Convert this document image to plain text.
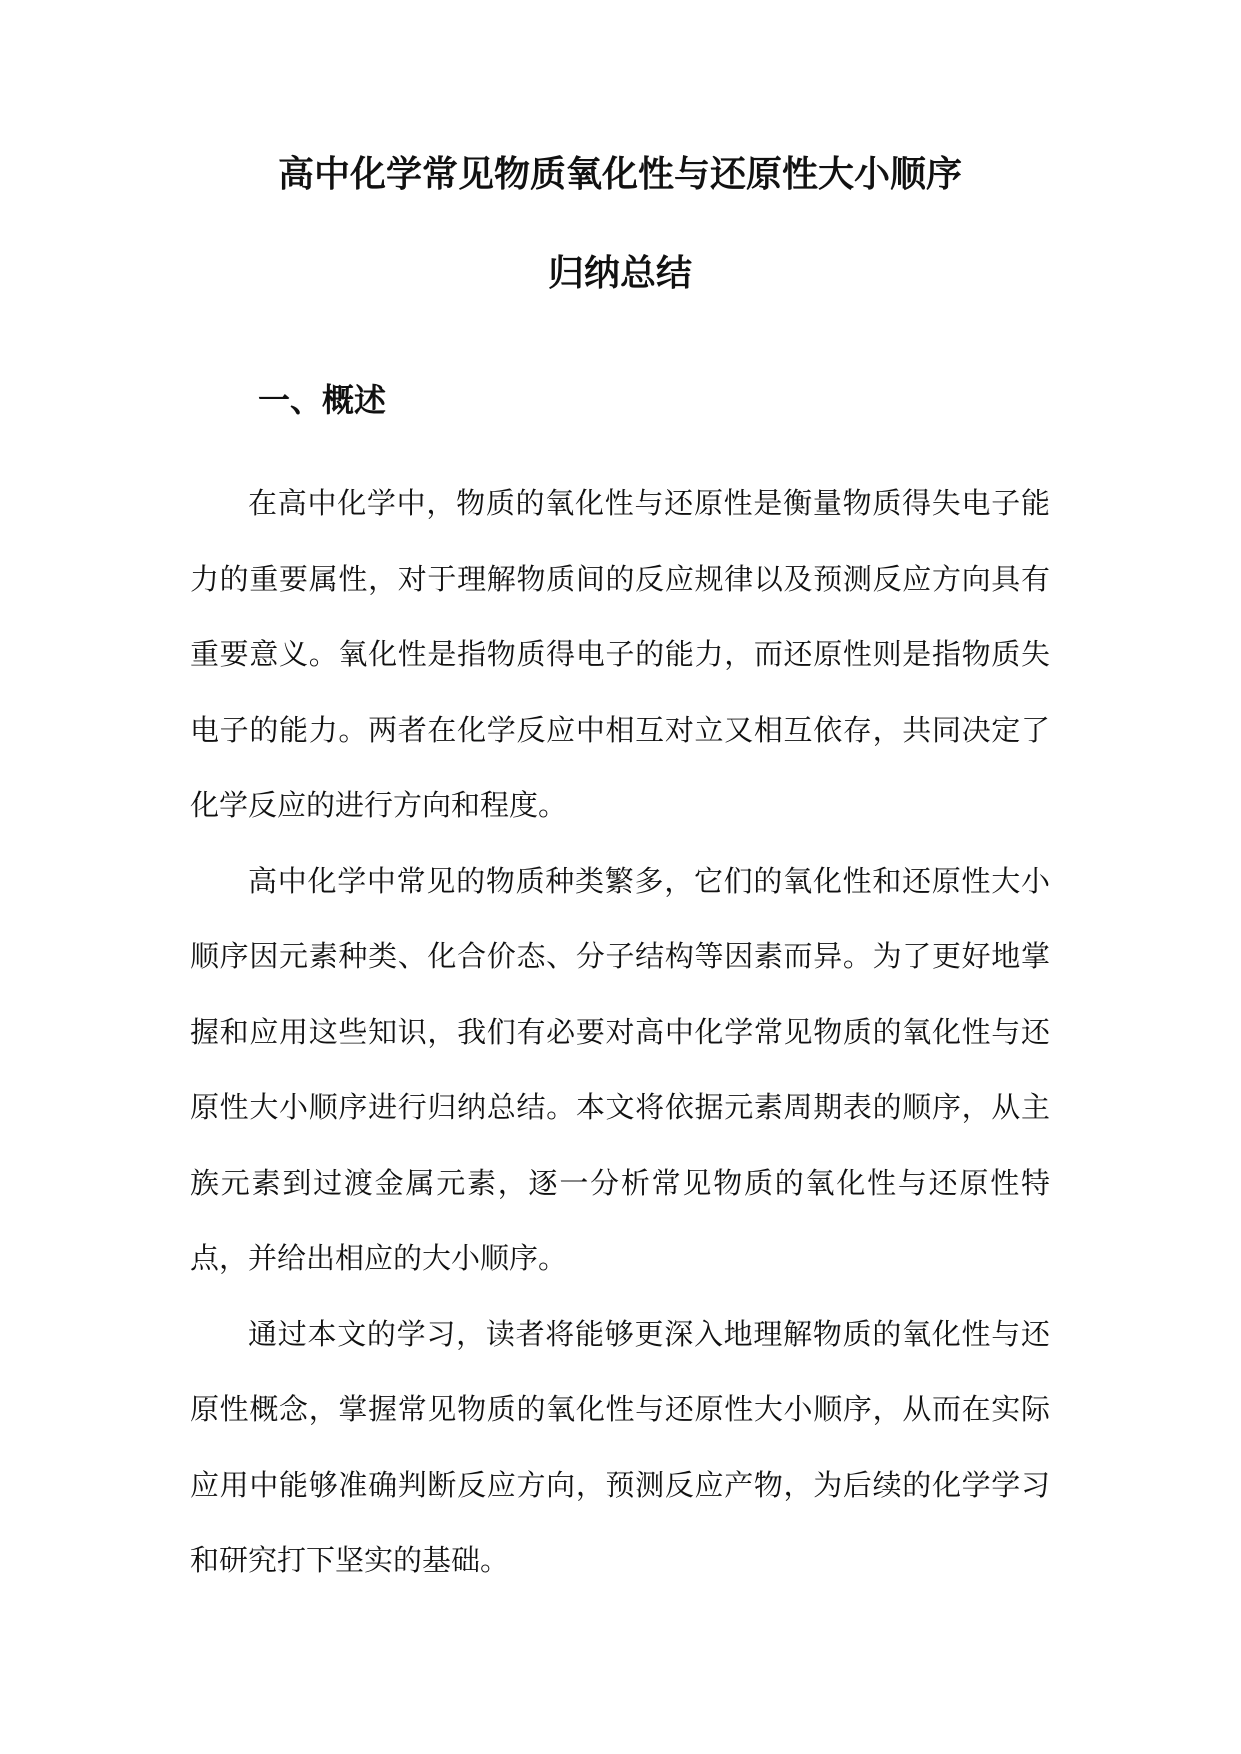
高中化学常见物质氧化性与还原性大小顺序
归纳总结
一、概述

在高中化学中，物质的氧化性与还原性是衡量物质得失电子能力的重要属性，对于理解物质间的反应规律以及预测反应方向具有重要意义。氧化性是指物质得电子的能力，而还原性则是指物质失电子的能力。两者在化学反应中相互对立又相互依存，共同决定了化学反应的进行方向和程度。

高中化学中常见的物质种类繁多，它们的氧化性和还原性大小顺序因元素种类、化合价态、分子结构等因素而异。为了更好地掌握和应用这些知识，我们有必要对高中化学常见物质的氧化性与还原性大小顺序进行归纳总结。本文将依据元素周期表的顺序，从主族元素到过渡金属元素，逐一分析常见物质的氧化性与还原性特点，并给出相应的大小顺序。

通过本文的学习，读者将能够更深入地理解物质的氧化性与还原性概念，掌握常见物质的氧化性与还原性大小顺序，从而在实际应用中能够准确判断反应方向，预测反应产物，为后续的化学学习和研究打下坚实的基础。
